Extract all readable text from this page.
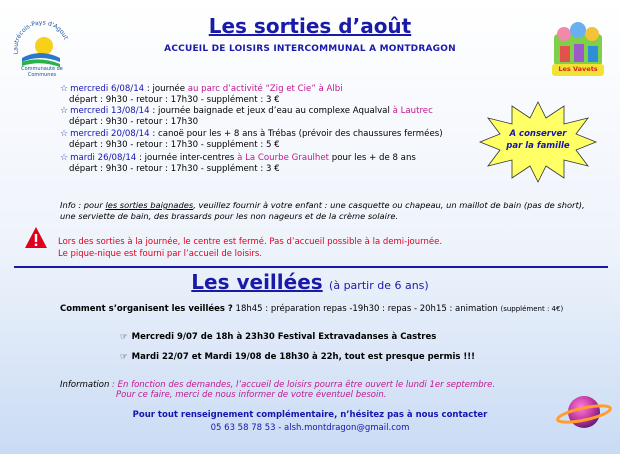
Lautrécois-Pays d'Agout
Communauté de Communes
Les Vavets
Les sorties d’août
ACCUEIL DE LOISIRS INTERCOMMUNAL A MONTDRAGON
☆ mercredi 6/08/14 : journée au parc d’activité “Zig et Cie” à Albi
départ : 9h30 - retour : 17h30 - supplément : 3 €
☆ mercredi 13/08/14 : journée baignade et jeux d’eau au complexe Aqualval à Lautrec
départ : 9h30 - retour : 17h30
☆ mercredi 20/08/14 : canoë pour les + 8 ans à Trébas (prévoir des chaussures fermées)
départ : 9h30 - retour : 17h30 - supplément : 5 €
☆ mardi 26/08/14 : journée inter-centres à La Courbe Graulhet pour les + de 8 ans
départ : 9h30 - retour : 17h30 - supplément : 3 €
A conserver
par la famille
Info : pour les sorties baignades, veuillez fournir à votre enfant : une casquette ou chapeau, un maillot de bain (pas de short), une serviette de bain, des brassards pour les non nageurs et de la crème solaire.
Lors des sorties à la journée, le centre est fermé. Pas d’accueil possible à la demi-journée.
Le pique-nique est fourni par l’accueil de loisirs.
Les veillées (à partir de 6 ans)
Comment s’organisent les veillées ? 18h45 : préparation repas -19h30 : repas - 20h15 : animation (supplément : 4€)
☞ Mercredi 9/07 de 18h à 23h30 Festival Extravadanses à Castres
☞ Mardi 22/07 et Mardi 19/08 de 18h30 à 22h, tout est presque permis !!!
Information : En fonction des demandes, l’accueil de loisirs pourra être ouvert le lundi 1er septembre.
Pour ce faire, merci de nous informer de votre éventuel besoin.
Pour tout renseignement complémentaire, n’hésitez pas à nous contacter
05 63 58 78 53 - alsh.montdragon@gmail.com
